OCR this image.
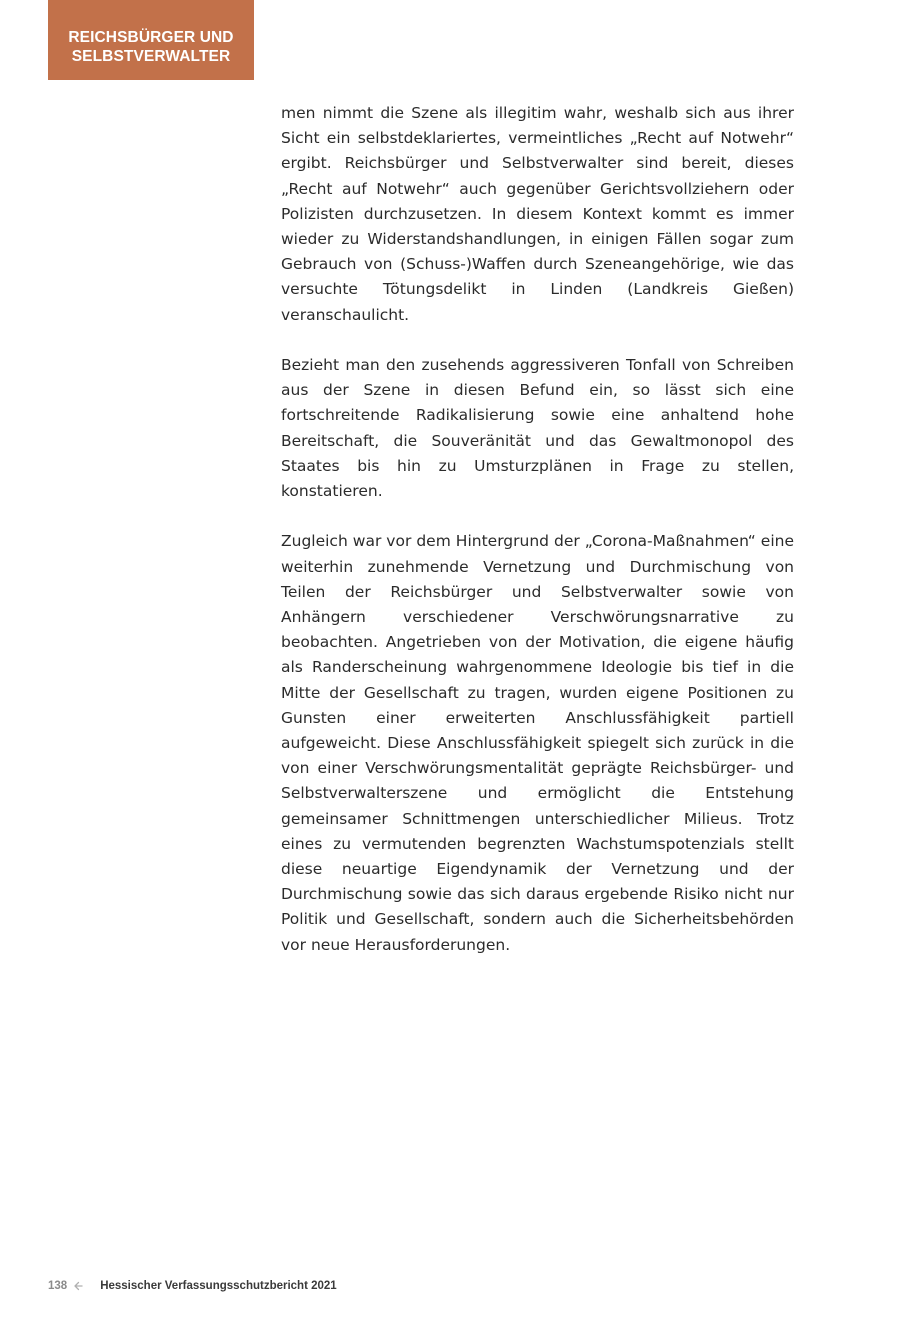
REICHSBÜRGER UND
SELBSTVERWALTER

men nimmt die Szene als illegitim wahr, weshalb sich aus ihrer Sicht ein selbstdeklariertes, vermeintliches „Recht auf Notwehr“ ergibt. Reichsbürger und Selbstverwalter sind bereit, dieses „Recht auf Notwehr“ auch gegenüber Gerichtsvollziehern oder Polizisten durchzusetzen. In diesem Kontext kommt es immer wieder zu Widerstandshandlungen, in einigen Fällen sogar zum Gebrauch von (Schuss-)Waffen durch Szeneangehörige, wie das versuchte Tötungsdelikt in Linden (Landkreis Gießen) veranschaulicht.

Bezieht man den zusehends aggressiveren Tonfall von Schreiben aus der Szene in diesen Befund ein, so lässt sich eine fortschreitende Radikalisierung sowie eine anhaltend hohe Bereitschaft, die Souveränität und das Gewaltmonopol des Staates bis hin zu Umsturzplänen in Frage zu stellen, konstatieren.

Zugleich war vor dem Hintergrund der „Corona-Maßnahmen“ eine weiterhin zunehmende Vernetzung und Durchmischung von Teilen der Reichsbürger und Selbstverwalter sowie von Anhängern verschiedener Verschwörungsnarrative zu beobachten. Angetrieben von der Motivation, die eigene häufig als Randerscheinung wahrgenommene Ideologie bis tief in die Mitte der Gesellschaft zu tragen, wurden eigene Positionen zu Gunsten einer erweiterten Anschlussfähigkeit partiell aufgeweicht. Diese Anschlussfähigkeit spiegelt sich zurück in die von einer Verschwörungsmentalität geprägte Reichsbürger- und Selbstverwalterszene und ermöglicht die Entstehung gemeinsamer Schnittmengen unterschiedlicher Milieus. Trotz eines zu vermutenden begrenzten Wachstumspotenzials stellt diese neuartige Eigendynamik der Vernetzung und der Durchmischung sowie das sich daraus ergebende Risiko nicht nur Politik und Gesellschaft, sondern auch die Sicherheitsbehörden vor neue Herausforderungen.

138	Hessischer Verfassungsschutzbericht 2021
